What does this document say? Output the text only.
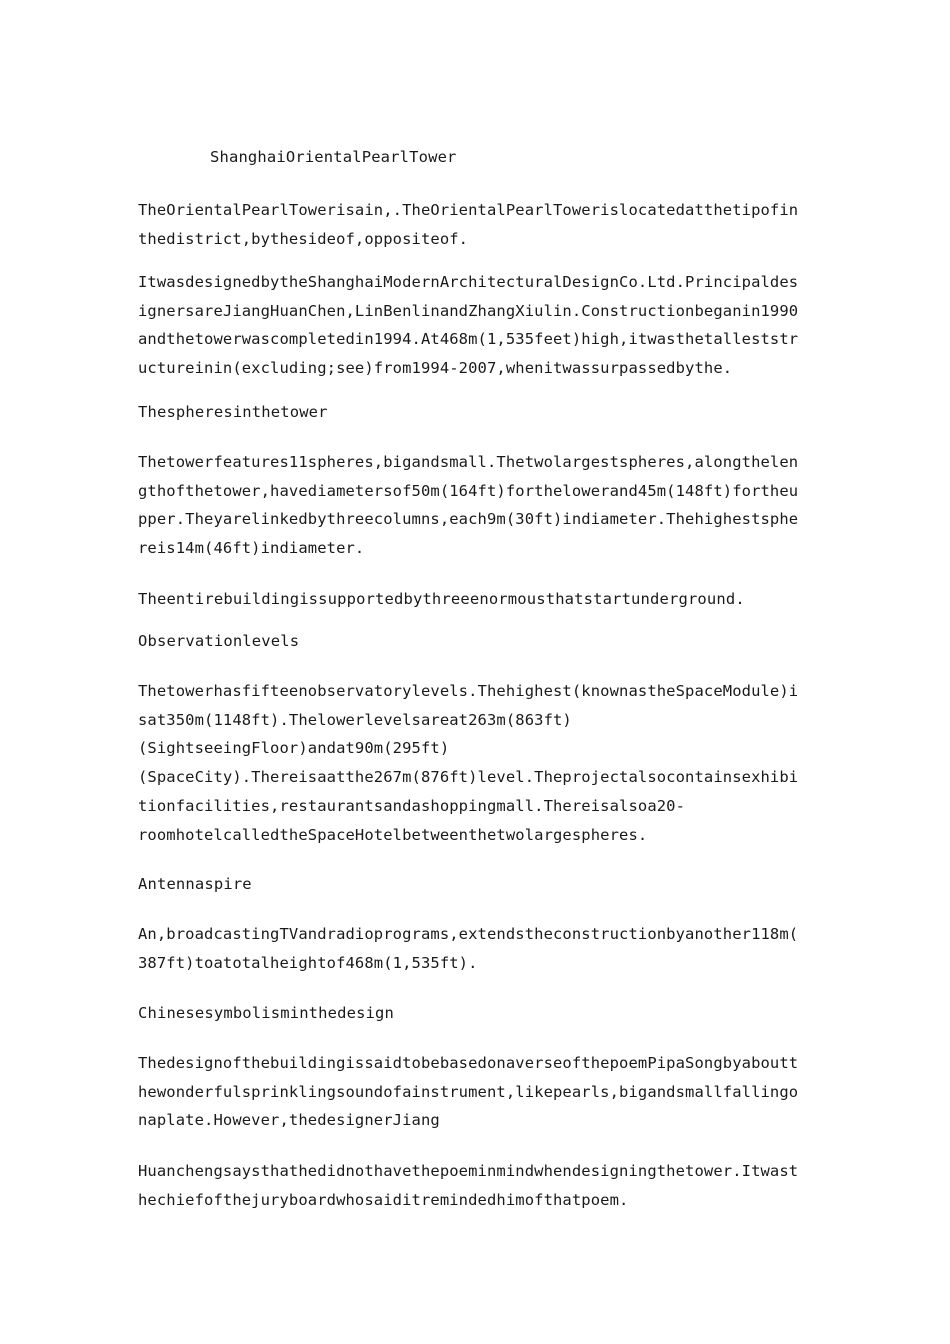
ShanghaiOrientalPearlTower
TheOrientalPearlTowerisain,.TheOrientalPearlTowerislocatedatthetipofin
thedistrict,bythesideof,oppositeof.
ItwasdesignedbytheShanghaiModernArchitecturalDesignCo.Ltd.Principaldes
ignersareJiangHuanChen,LinBenlinandZhangXiulin.Constructionbeganin1990
andthetowerwascompletedin1994.At468m(1,535feet)high,itwasthetalleststr
uctureinin(excluding;see)from1994-2007,whenitwassurpassedbythe.
Thespheresinthetower
Thetowerfeatures11spheres,bigandsmall.Thetwolargestspheres,alongthelen
gthofthetower,havediametersof50m(164ft)forthelowerand45m(148ft)fortheu
pper.Theyarelinkedbythreecolumns,each9m(30ft)indiameter.Thehighestsphe
reis14m(46ft)indiameter.
Theentirebuildingissupportedbythreeenormousthatstartunderground.
Observationlevels
Thetowerhasfifteenobservatorylevels.Thehighest(knownastheSpaceModule)i
sat350m(1148ft).Thelowerlevelsareat263m(863ft)
(SightseeingFloor)andat90m(295ft)
(SpaceCity).Thereisaatthe267m(876ft)level.Theprojectalsocontainsexhibi
tionfacilities,restaurantsandashoppingmall.Thereisalsoa20-
roomhotelcalledtheSpaceHotelbetweenthetwolargespheres.
Antennaspire
An,broadcastingTVandradioprograms,extendstheconstructionbyanother118m(
387ft)toatotalheightof468m(1,535ft).
Chinesesymbolisminthedesign
ThedesignofthebuildingissaidtobebasedonaverseofthepoemPipaSongbyaboutt
hewonderfulsprinklingsoundofainstrument,likepearls,bigandsmallfallingo
naplate.However,thedesignerJiang
Huanchengsaysthathedidnothavethepoeminmindwhendesigningthetower.Itwast
hechiefofthejuryboardwhosaiditremindedhimofthatpoem.
